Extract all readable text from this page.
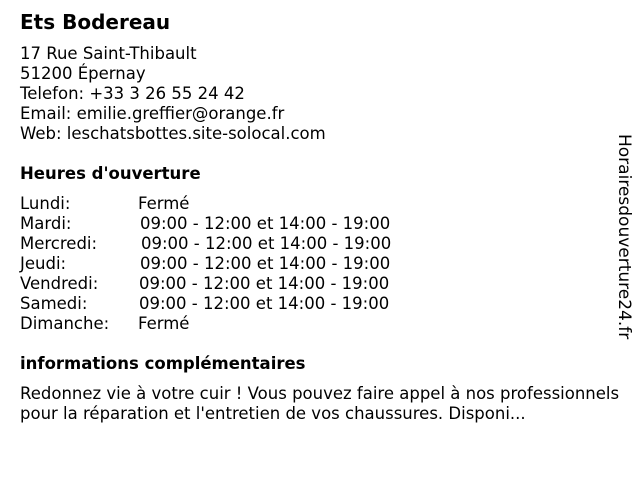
Ets Bodereau
17 Rue Saint-Thibault
51200 Épernay
Telefon: +33 3 26 55 24 42
Email: emilie.greffier@orange.fr
Web: leschatsbottes.site-solocal.com
Heures d'ouverture
Lundi:	Fermé
Mardi:	09:00 - 12:00 et 14:00 - 19:00
Mercredi:	09:00 - 12:00 et 14:00 - 19:00
Jeudi:	09:00 - 12:00 et 14:00 - 19:00
Vendredi: 09:00 - 12:00 et 14:00 - 19:00
Samedi:	09:00 - 12:00 et 14:00 - 19:00
Dimanche: Fermé
informations complémentaires
Redonnez vie à votre cuir ! Vous pouvez faire appel à nos professionnels pour la réparation et l'entretien de vos chaussures. Disponi...
Horairesdouverture24.fr
